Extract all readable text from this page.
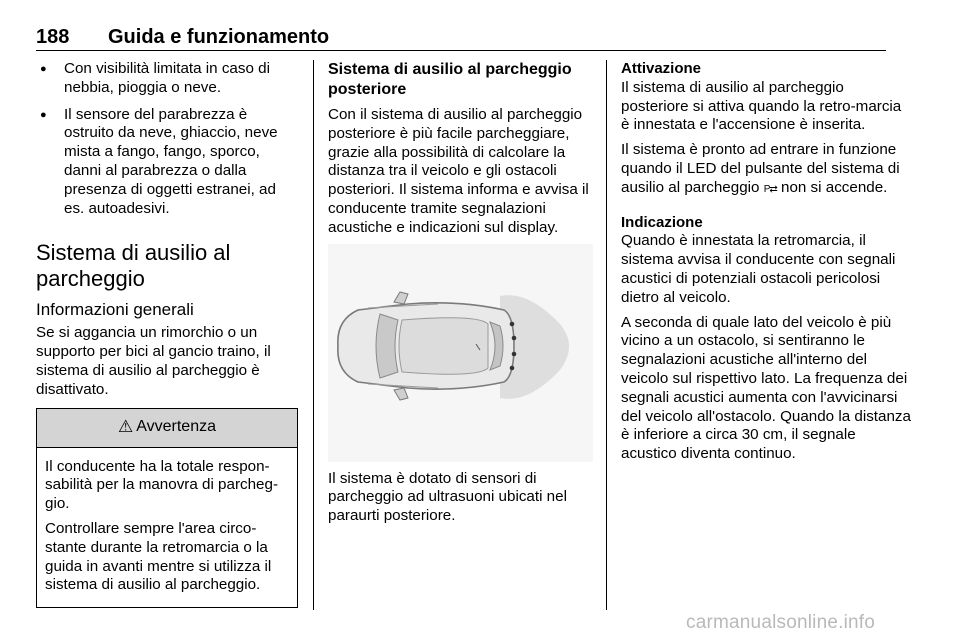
188 Guida e funzionamento
● Con visibilità limitata in caso di nebbia, pioggia o neve.
● Il sensore del parabrezza è ostruito da neve, ghiaccio, neve mista a fango, fango, sporco, danni al parabrezza o dalla presenza di oggetti estranei, ad es. autoadesivi.
Sistema di ausilio al parcheggio
Informazioni generali

Se si aggancia un rimorchio o un supporto per bici al gancio traino, il sistema di ausilio al parcheggio è disattivato.

⚠ Avvertenza

Il conducente ha la totale respon-sabilità per la manovra di parcheg-gio.

Controllare sempre l'area circo-stante durante la retromarcia o la guida in avanti mentre si utilizza il sistema di ausilio al parcheggio.

Sistema di ausilio al parcheggio posteriore

Con il sistema di ausilio al parcheggio posteriore è più facile parcheggiare, grazie alla possibilità di calcolare la distanza tra il veicolo e gli ostacoli posteriori. Il sistema informa e avvisa il conducente tramite segnalazioni acustiche e indicazioni sul display.

Il sistema è dotato di sensori di parcheggio ad ultrasuoni ubicati nel paraurti posteriore.

Attivazione

Il sistema di ausilio al parcheggio posteriore si attiva quando la retro-marcia è innestata e l'accensione è inserita.

Il sistema è pronto ad entrare in funzione quando il LED del pulsante del sistema di ausilio al parcheggio P⇄ non si accende.

Indicazione

Quando è innestata la retromarcia, il sistema avvisa il conducente con segnali acustici di potenziali ostacoli pericolosi dietro al veicolo.

A seconda di quale lato del veicolo è più vicino a un ostacolo, si sentiranno le segnalazioni acustiche all'interno del veicolo sul rispettivo lato. La frequenza dei segnali acustici aumenta con l'avvicinarsi del veicolo all'ostacolo. Quando la distanza è inferiore a circa 30 cm, il segnale acustico diventa continuo.

carmanualsonline.info
